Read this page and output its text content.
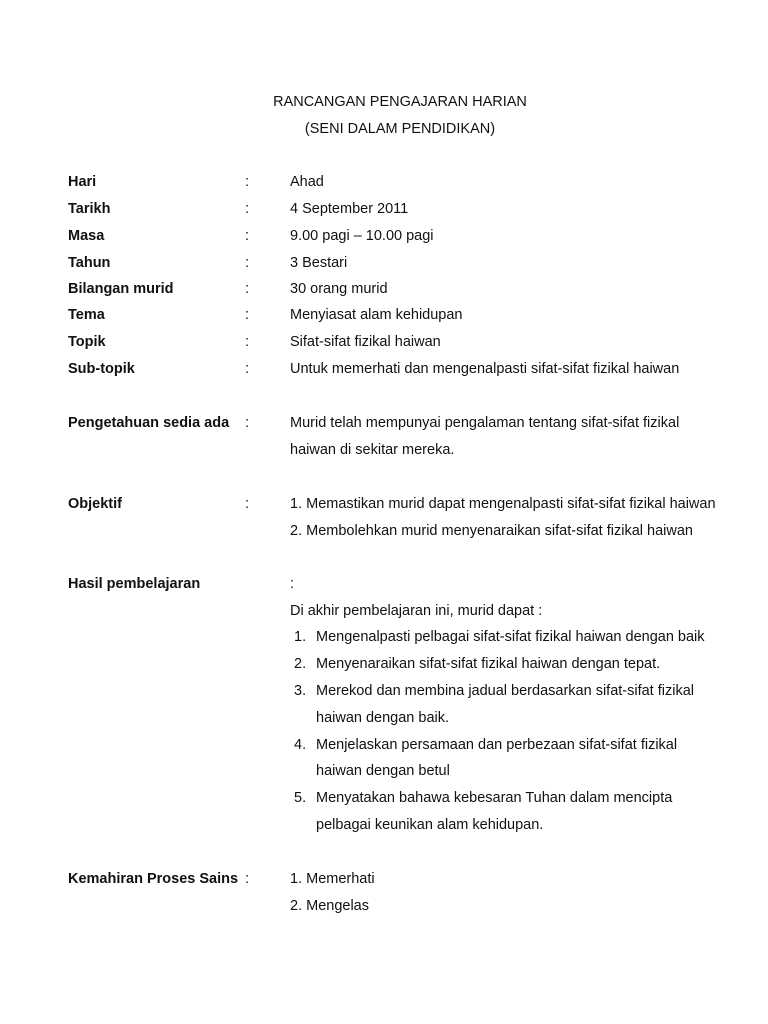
RANCANGAN PENGAJARAN HARIAN
(SENI DALAM PENDIDIKAN)
Hari	:	Ahad
Tarikh	:	4 September 2011
Masa	:	9.00 pagi – 10.00 pagi
Tahun	:	3 Bestari
Bilangan murid	:	30 orang murid
Tema	:	Menyiasat alam kehidupan
Topik	:	Sifat-sifat fizikal haiwan
Sub-topik	:	Untuk memerhati dan mengenalpasti sifat-sifat fizikal haiwan
Pengetahuan sedia ada :	Murid telah mempunyai pengalaman tentang sifat-sifat fizikal
haiwan di sekitar mereka.
Objektif	:	1. Memastikan murid dapat mengenalpasti sifat-sifat fizikal haiwan
2. Membolehkan murid menyenaraikan sifat-sifat fizikal haiwan
Hasil pembelajaran	:
Di akhir pembelajaran ini, murid dapat :
1. Mengenalpasti pelbagai sifat-sifat fizikal haiwan dengan baik
2. Menyenaraikan sifat-sifat fizikal haiwan dengan tepat.
3. Merekod dan membina jadual berdasarkan sifat-sifat fizikal
haiwan dengan baik.
4. Menjelaskan persamaan dan perbezaan sifat-sifat fizikal
haiwan dengan betul
5. Menyatakan bahawa kebesaran Tuhan dalam mencipta
pelbagai keunikan alam kehidupan.
Kemahiran Proses Sains :	1. Memerhati
2. Mengelas
